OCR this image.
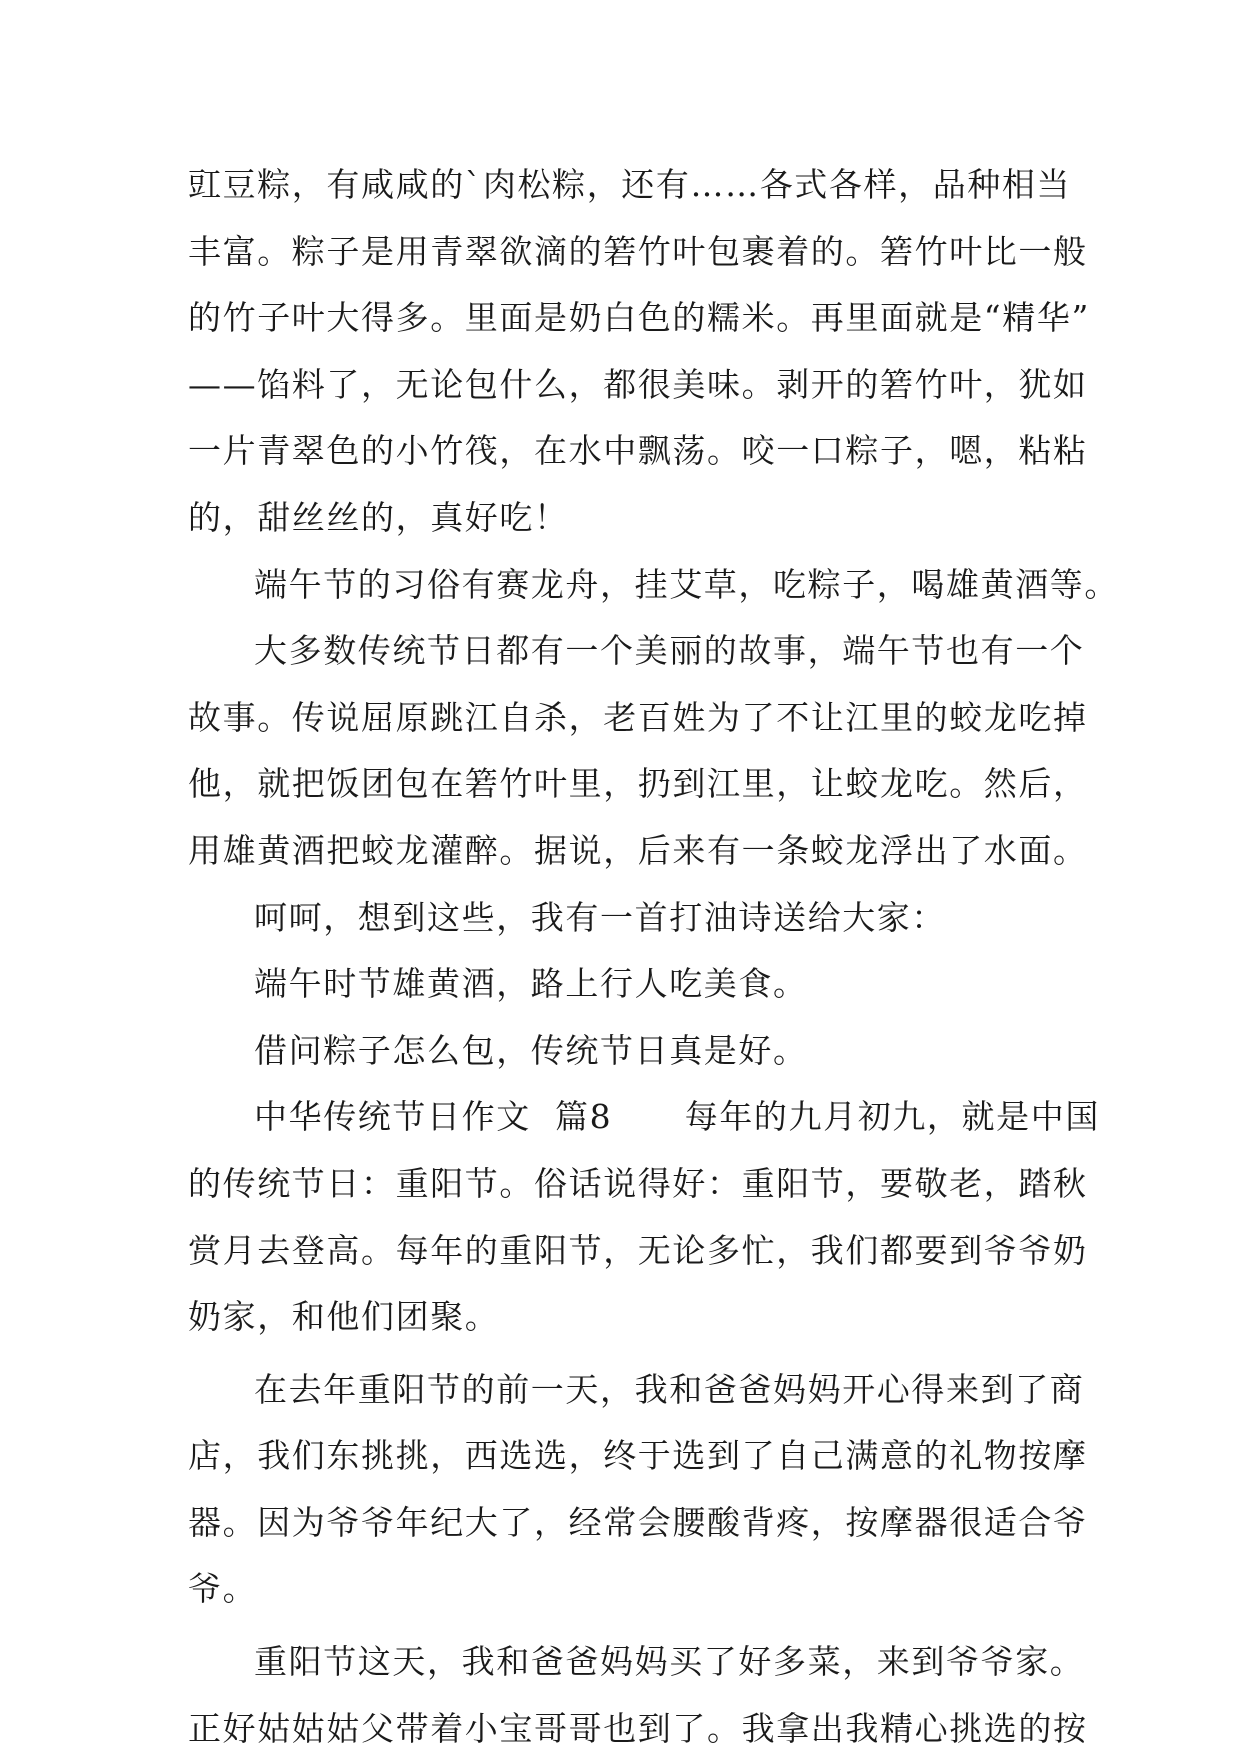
豇豆粽，有咸咸的`肉松粽，还有……各式各样，品种相当
丰富。粽子是用青翠欲滴的箬竹叶包裹着的。箬竹叶比一般
的竹子叶大得多。里面是奶白色的糯米。再里面就是“精华”
——馅料了，无论包什么，都很美味。剥开的箬竹叶，犹如
一片青翠色的小竹筏，在水中飘荡。咬一口粽子，嗯，粘粘
的，甜丝丝的，真好吃！
端午节的习俗有赛龙舟，挂艾草，吃粽子，喝雄黄酒等。
大多数传统节日都有一个美丽的故事，端午节也有一个
故事。传说屈原跳江自杀，老百姓为了不让江里的蛟龙吃掉
他，就把饭团包在箬竹叶里，扔到江里，让蛟龙吃。然后，
用雄黄酒把蛟龙灌醉。据说，后来有一条蛟龙浮出了水面。
呵呵，想到这些，我有一首打油诗送给大家：
端午时节雄黄酒，路上行人吃美食。
借问粽子怎么包，传统节日真是好。
中华传统节日作文  篇8      每年的九月初九，就是中国
的传统节日：重阳节。俗话说得好：重阳节，要敬老，踏秋
赏月去登高。每年的重阳节，无论多忙，我们都要到爷爷奶
奶家，和他们团聚。
在去年重阳节的前一天，我和爸爸妈妈开心得来到了商
店，我们东挑挑，西选选，终于选到了自己满意的礼物按摩
器。因为爷爷年纪大了，经常会腰酸背疼，按摩器很适合爷
爷。
重阳节这天，我和爸爸妈妈买了好多菜，来到爷爷家。
正好姑姑姑父带着小宝哥哥也到了。我拿出我精心挑选的按
